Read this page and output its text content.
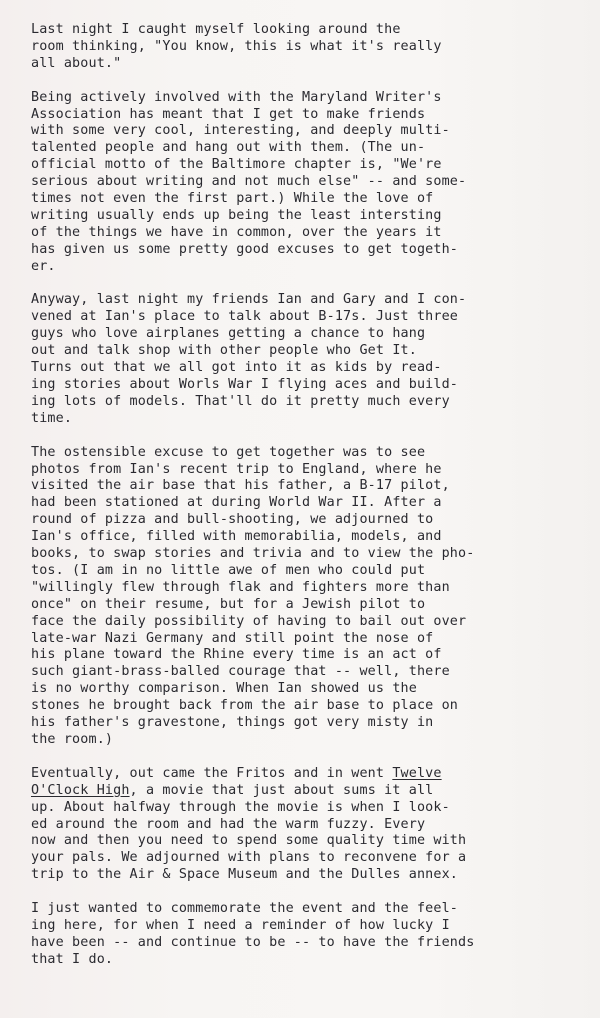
Last night I caught myself looking around the
room thinking, "You know, this is what it's really
all about."
Being actively involved with the Maryland Writer's
Association has meant that I get to make friends
with some very cool, interesting, and deeply multi-
talented people and hang out with them. (The un-
official motto of the Baltimore chapter is, "We're
serious about writing and not much else" -- and some-
times not even the first part.) While the love of
writing usually ends up being the least intersting
of the things we have in common, over the years it
has given us some pretty good excuses to get togeth-
er.
Anyway, last night my friends Ian and Gary and I con-
vened at Ian's place to talk about B-17s. Just three
guys who love airplanes getting a chance to hang
out and talk shop with other people who Get It.
Turns out that we all got into it as kids by read-
ing stories about Worls War I flying aces and build-
ing lots of models. That'll do it pretty much every
time.
The ostensible excuse to get together was to see
photos from Ian's recent trip to England, where he
visited the air base that his father, a B-17 pilot,
had been stationed at during World War II. After a
round of pizza and bull-shooting, we adjourned to
Ian's office, filled with memorabilia, models, and
books, to swap stories and trivia and to view the pho-
tos. (I am in no little awe of men who could put
"willingly flew through flak and fighters more than
once" on their resume, but for a Jewish pilot to
face the daily possibility of having to bail out over
late-war Nazi Germany and still point the nose of
his plane toward the Rhine every time is an act of
such giant-brass-balled courage that -- well, there
is no worthy comparison. When Ian showed us the
stones he brought back from the air base to place on
his father's gravestone, things got very misty in
the room.)
Eventually, out came the Fritos and in went Twelve
O'Clock High, a movie that just about sums it all
up. About halfway through the movie is when I look-
ed around the room and had the warm fuzzy. Every
now and then you need to spend some quality time with
your pals. We adjourned with plans to reconvene for a
trip to the Air & Space Museum and the Dulles annex.
I just wanted to commemorate the event and the feel-
ing here, for when I need a reminder of how lucky I
have been -- and continue to be -- to have the friends
that I do.
